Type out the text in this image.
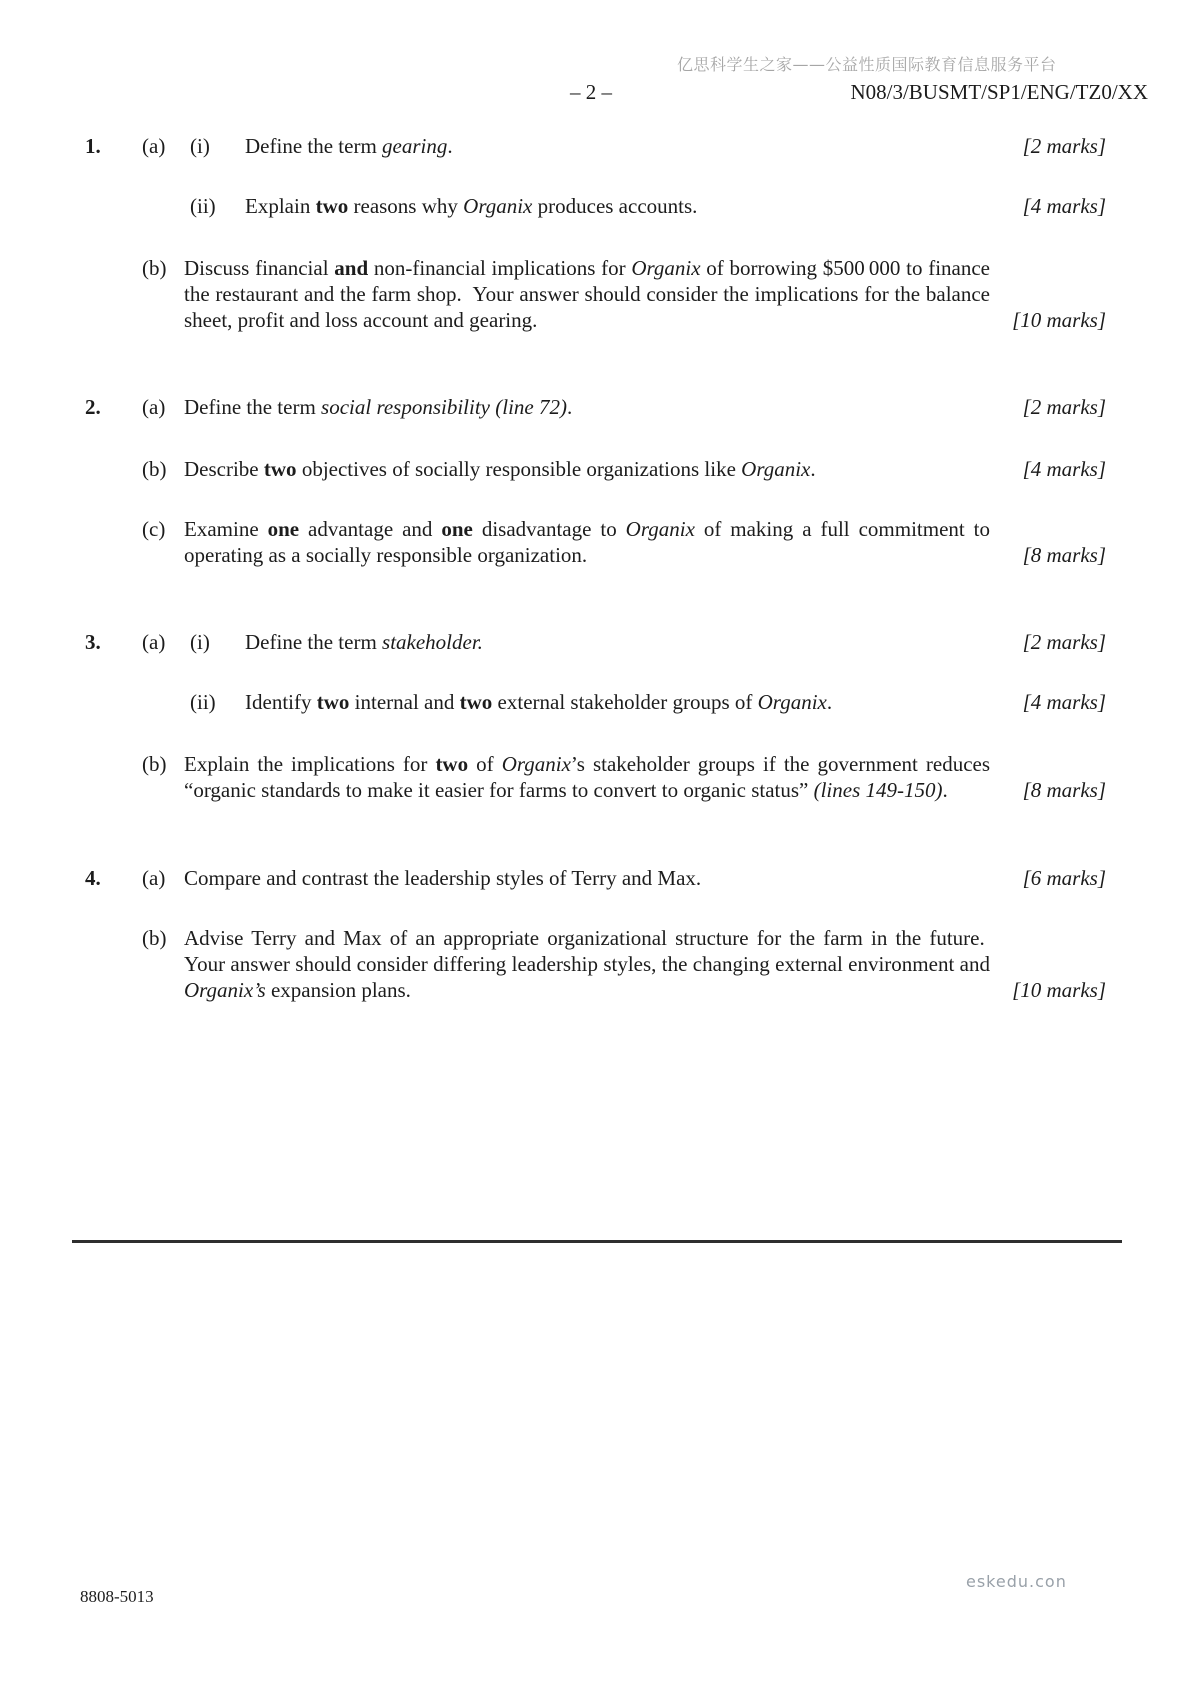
亿思科学生之家——公益性质国际教育信息服务平台
– 2 –	N08/3/BUSMT/SP1/ENG/TZ0/XX
1.	(a)	(i)	Define the term gearing.	[2 marks]
(ii)	Explain two reasons why Organix produces accounts.	[4 marks]
(b) Discuss financial and non-financial implications for Organix of borrowing $500 000 to finance the restaurant and the farm shop.  Your answer should consider the implications for the balance sheet, profit and loss account and gearing.	[10 marks]
2.	(a) Define the term social responsibility (line 72).	[2 marks]
(b) Describe two objectives of socially responsible organizations like Organix.	[4 marks]
(c) Examine one advantage and one disadvantage to Organix of making a full commitment to operating as a socially responsible organization.	[8 marks]
3.	(a)	(i)	Define the term stakeholder.	[2 marks]
(ii)	Identify two internal and two external stakeholder groups of Organix.	[4 marks]
(b) Explain the implications for two of Organix’s stakeholder groups if the government reduces “organic standards to make it easier for farms to convert to organic status” (lines 149-150).	[8 marks]
4.	(a) Compare and contrast the leadership styles of Terry and Max.	[6 marks]
(b) Advise Terry and Max of an appropriate organizational structure for the farm in the future.  Your answer should consider differing leadership styles, the changing external environment and Organix’s expansion plans.	[10 marks]
8808-5013
eskedu.con
